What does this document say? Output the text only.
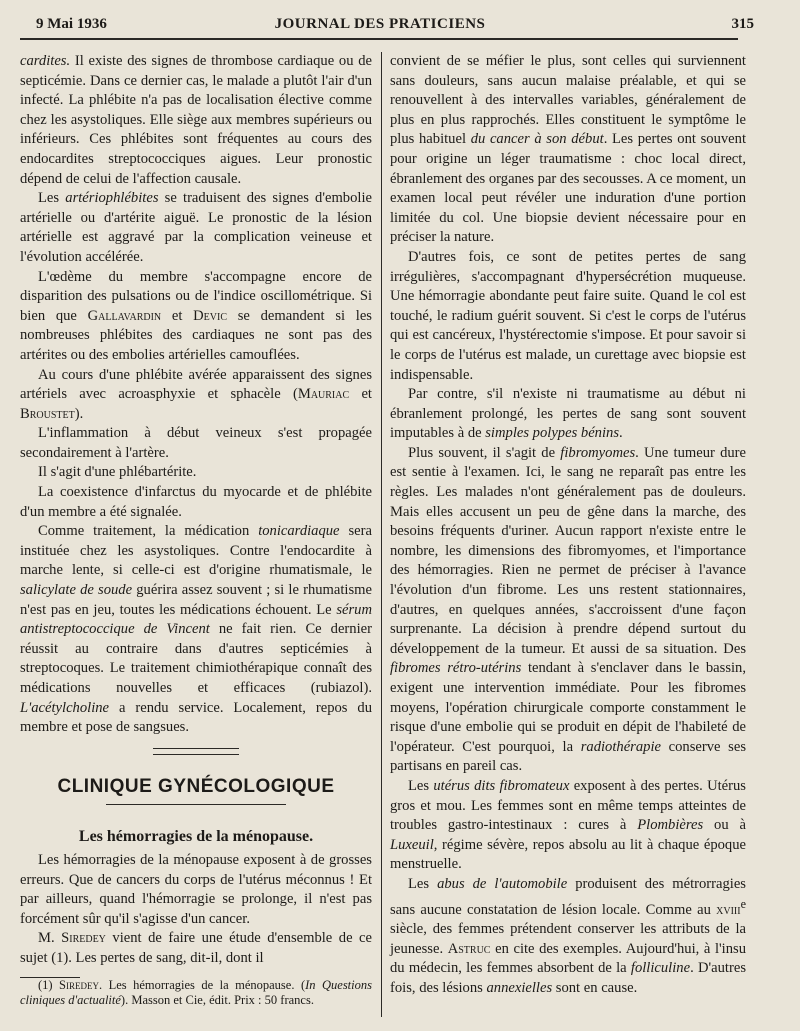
9 Mai 1936	JOURNAL DES PRATICIENS	315

cardites. Il existe des signes de thrombose cardiaque ou de septicémie. Dans ce dernier cas, le malade a plutôt l'air d'un infecté. La phlébite n'a pas de localisation élective comme chez les asystoliques. Elle siège aux membres supérieurs ou inférieurs. Ces phlébites sont fréquentes au cours des endocardites streptococciques aigues. Leur pronostic dépend de celui de l'affection causale.

Les artériophlébites se traduisent des signes d'embolie artérielle ou d'artérite aiguë. Le pronostic de la lésion artérielle est aggravé par la complication veineuse et l'évolution accélérée.

L'œdème du membre s'accompagne encore de disparition des pulsations ou de l'indice oscillométrique. Si bien que Gallavardin et Devic se demandent si les nombreuses phlébites des cardiaques ne sont pas des artérites ou des embolies artérielles camouflées.

Au cours d'une phlébite avérée apparaissent des signes artériels avec acroasphyxie et sphacèle (Mauriac et Broustet).

L'inflammation à début veineux s'est propagée secondairement à l'artère.

Il s'agit d'une phlébartérite.

La coexistence d'infarctus du myocarde et de phlébite d'un membre a été signalée.

Comme traitement, la médication tonicardiaque sera instituée chez les asystoliques. Contre l'endocardite à marche lente, si celle-ci est d'origine rhumatismale, le salicylate de soude guérira assez souvent ; si le rhumatisme n'est pas en jeu, toutes les médications échouent. Le sérum antistreptococcique de Vincent ne fait rien. Ce dernier réussit au contraire dans d'autres septicémies à streptocoques. Le traitement chimiothérapique connaît des médications nouvelles et efficaces (rubiazol). L'acétylcholine a rendu service. Localement, repos du membre et pose de sangsues.

CLINIQUE GYNÉCOLOGIQUE
Les hémorragies de la ménopause.

Les hémorragies de la ménopause exposent à de grosses erreurs. Que de cancers du corps de l'utérus méconnus ! Et par ailleurs, quand l'hémorragie se prolonge, il n'est pas forcément sûr qu'il s'agisse d'un cancer.

M. Siredey vient de faire une étude d'ensemble de ce sujet (1). Les pertes de sang, dit-il, dont il

(1) Siredey. Les hémorragies de la ménopause. (In Questions cliniques d'actualité). Masson et Cie, édit. Prix : 50 francs.

convient de se méfier le plus, sont celles qui surviennent sans douleurs, sans aucun malaise préalable, et qui se renouvellent à des intervalles variables, généralement de plus en plus rapprochés. Elles constituent le symptôme le plus habituel du cancer à son début. Les pertes ont souvent pour origine un léger traumatisme : choc local direct, ébranlement des organes par des secousses. A ce moment, un examen local peut révéler une induration d'une portion limitée du col. Une biopsie devient nécessaire pour en préciser la nature.

D'autres fois, ce sont de petites pertes de sang irrégulières, s'accompagnant d'hypersécrétion muqueuse. Une hémorragie abondante peut faire suite. Quand le col est touché, le radium guérit souvent. Si c'est le corps de l'utérus qui est cancéreux, l'hystérectomie s'impose. Et pour savoir si le corps de l'utérus est malade, un curettage avec biopsie est indispensable.

Par contre, s'il n'existe ni traumatisme au début ni ébranlement prolongé, les pertes de sang sont souvent imputables à de simples polypes bénins.

Plus souvent, il s'agit de fibromyomes. Une tumeur dure est sentie à l'examen. Ici, le sang ne reparaît pas entre les règles. Les malades n'ont généralement pas de douleurs. Mais elles accusent un peu de gêne dans la marche, des besoins fréquents d'uriner. Aucun rapport n'existe entre le nombre, les dimensions des fibromyomes, et l'importance des hémorragies. Rien ne permet de préciser à l'avance l'évolution d'un fibrome. Les uns restent stationnaires, d'autres, en quelques années, s'accroissent d'une façon surprenante. La décision à prendre dépend surtout du développement de la tumeur. Et aussi de sa situation. Des fibromes rétro-utérins tendant à s'enclaver dans le bassin, exigent une intervention immédiate. Pour les fibromes moyens, l'opération chirurgicale comporte constamment le risque d'une embolie qui se produit en dépit de l'habileté de l'opérateur. C'est pourquoi, la radiothérapie conserve ses partisans en pareil cas.

Les utérus dits fibromateux exposent à des pertes. Utérus gros et mou. Les femmes sont en même temps atteintes de troubles gastro-intestinaux : cures à Plombières ou à Luxeuil, régime sévère, repos absolu au lit à chaque époque menstruelle.

Les abus de l'automobile produisent des métrorragies sans aucune constatation de lésion locale. Comme au xviii$^e$ siècle, des femmes prétendent conserver les attributs de la jeunesse. Astruc en cite des exemples. Aujourd'hui, à l'insu du médecin, les femmes absorbent de la folliculine. D'autres fois, des lésions annexielles sont en cause.
